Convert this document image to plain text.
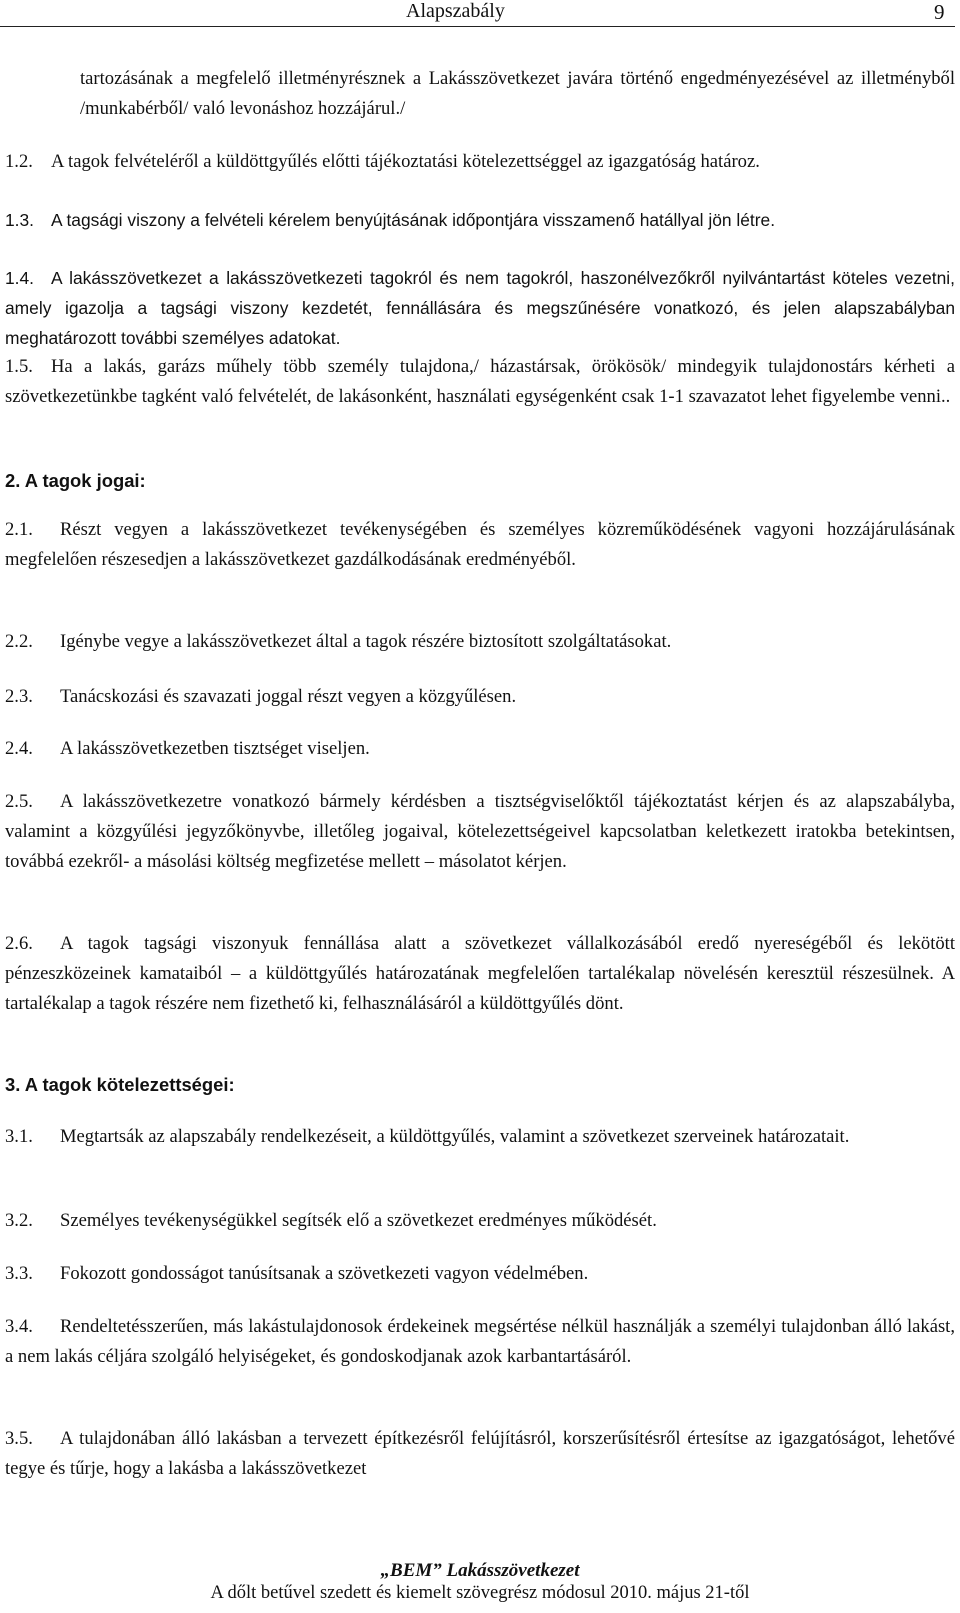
Alapszabály	9

tartozásának a megfelelő illetményrésznek a Lakásszövetkezet javára történő engedményezésével az illetményből /munkabérből/ való levonáshoz hozzájárul./

1.2. A tagok felvételéről a küldöttgyűlés előtti tájékoztatási kötelezettséggel az igazgatóság határoz.

1.3. A tagsági viszony a felvételi kérelem benyújtásának időpontjára visszamenő hatállyal jön létre.

1.4. A lakásszövetkezet a lakásszövetkezeti tagokról és nem tagokról, haszonélvezőkről nyilvántartást köteles vezetni, amely igazolja a tagsági viszony kezdetét, fennállására és megszűnésére vonatkozó, és jelen alapszabályban meghatározott további személyes adatokat.

1.5. Ha a lakás, garázs műhely több személy tulajdona,/ házastársak, örökösök/ mindegyik tulajdonostárs kérheti a szövetkezetünkbe tagként való felvételét, de lakásonként, használati egységenként csak 1-1 szavazatot lehet figyelembe venni..

2. A tagok jogai:

2.1. Részt vegyen a lakásszövetkezet tevékenységében és személyes közreműködésének vagyoni hozzájárulásának megfelelően részesedjen a lakásszövetkezet gazdálkodásának eredményéből.

2.2. Igénybe vegye a lakásszövetkezet által a tagok részére biztosított szolgáltatásokat.

2.3. Tanácskozási és szavazati joggal részt vegyen a közgyűlésen.

2.4. A lakásszövetkezetben tisztséget viseljen.

2.5. A lakásszövetkezetre vonatkozó bármely kérdésben a tisztségviselőktől tájékoztatást kérjen és az alapszabályba, valamint a közgyűlési jegyzőkönyvbe, illetőleg jogaival, kötelezettségeivel kapcsolatban keletkezett iratokba betekintsen, továbbá ezekről- a másolási költség megfizetése mellett – másolatot kérjen.

2.6. A tagok tagsági viszonyuk fennállása alatt a szövetkezet vállalkozásából eredő nyereségéből és lekötött pénzeszközeinek kamataiból – a küldöttgyűlés határozatának megfelelően tartalékalap növelésén keresztül részesülnek. A tartalékalap a tagok részére nem fizethető ki, felhasználásáról a küldöttgyűlés dönt.

3. A tagok kötelezettségei:

3.1. Megtartsák az alapszabály rendelkezéseit, a küldöttgyűlés, valamint a szövetkezet szerveinek határozatait.

3.2. Személyes tevékenységükkel segítsék elő a szövetkezet eredményes működését.

3.3. Fokozott gondosságot tanúsítsanak a szövetkezeti vagyon védelmében.

3.4. Rendeltetésszerűen, más lakástulajdonosok érdekeinek megsértése nélkül használják a személyi tulajdonban álló lakást, a nem lakás céljára szolgáló helyiségeket, és gondoskodjanak azok karbantartásáról.

3.5. A tulajdonában álló lakásban a tervezett építkezésről felújításról, korszerűsítésről értesítse az igazgatóságot, lehetővé tegye és tűrje, hogy a lakásba a lakásszövetkezet

„BEM” Lakásszövetkezet
A dőlt betűvel szedett és kiemelt szövegrész módosul 2010. május 21-től
